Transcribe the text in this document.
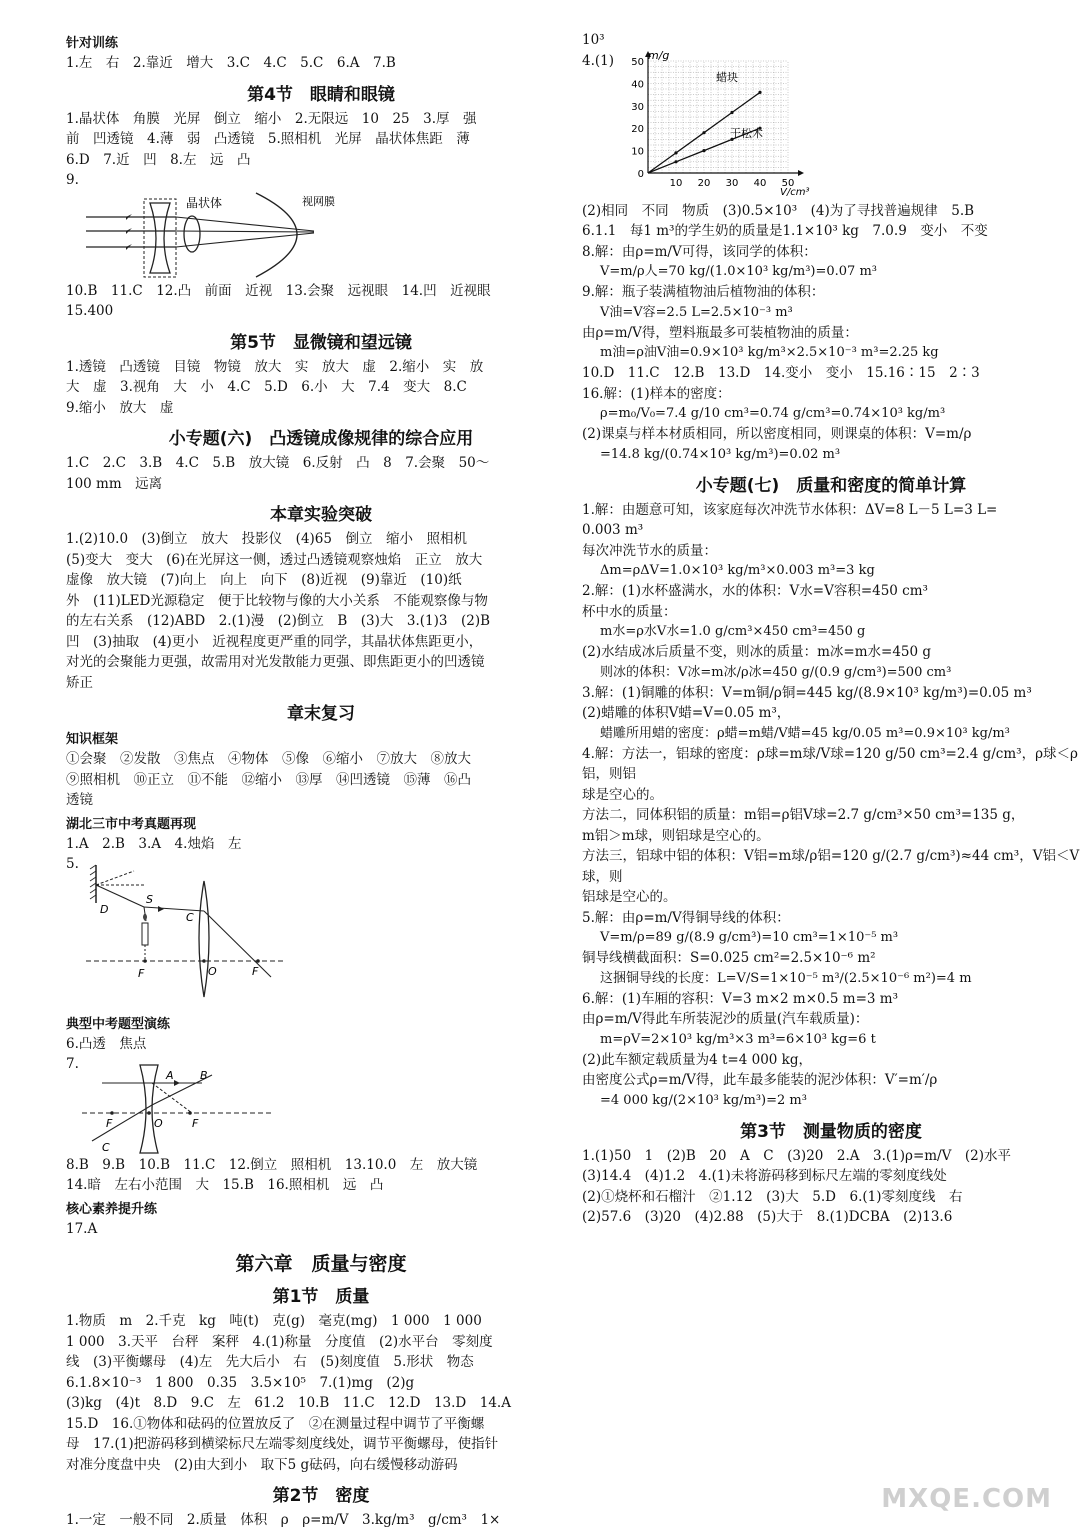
针对训练
1.左　右　2.靠近　增大　3.C　4.C　5.C　6.A　7.B
第4节　眼睛和眼镜
1.晶状体　角膜　光屏　倒立　缩小　2.无限远　10　25　3.厚　强
前　凹透镜　4.薄　弱　凸透镜　5.照相机　光屏　晶状体焦距　薄
6.D　7.近　凹　8.左　远　凸
9.
晶状体	视网膜
10.B　11.C　12.凸　前面　近视　13.会聚　远视眼　14.凹　近视眼
15.400
第5节　显微镜和望远镜
1.透镜　凸透镜　目镜　物镜　放大　实　放大　虚　2.缩小　实　放
大　虚　3.视角　大　小　4.C　5.D　6.小　大　7.4　变大　8.C
9.缩小　放大　虚
小专题(六)　凸透镜成像规律的综合应用
1.C　2.C　3.B　4.C　5.B　放大镜　6.反射　凸　8　7.会聚　50～
100 mm　远离
本章实验突破
1.(2)10.0　(3)倒立　放大　投影仪　(4)65　倒立　缩小　照相机
(5)变大　变大　(6)在光屏这一侧，透过凸透镜观察烛焰　正立　放大
虚像　放大镜　(7)向上　向上　向下　(8)近视　(9)靠近　(10)纸
外　(11)LED光源稳定　便于比较物与像的大小关系　不能观察像与物
的左右关系　(12)ABD　2.(1)漫　(2)倒立　B　(3)大　3.(1)3　(2)B
凹　(3)抽取　(4)更小　近视程度更严重的同学，其晶状体焦距更小，
对光的会聚能力更强，故需用对光发散能力更强、即焦距更小的凹透镜
矫正
章末复习
知识框架
①会聚　②发散　③焦点　④物体　⑤像　⑥缩小　⑦放大　⑧放大
⑨照相机　⑩正立　⑪不能　⑫缩小　⑬厚　⑭凹透镜　⑮薄　⑯凸
透镜
湖北三市中考真题再现
1.A　2.B　3.A　4.烛焰　左
5.
D
S
C
F	O	F
典型中考题型演练
6.凸透　焦点
7.
A B
F	O	F
C
8.B　9.B　10.B　11.C　12.倒立　照相机　13.10.0　左　放大镜
14.暗　左右小范围　大　15.B　16.照相机　远　凸
核心素养提升练
17.A
第六章　质量与密度
第1节　质量
1.物质　m　2.千克　kg　吨(t)　克(g)　毫克(mg)　1 000　1 000
1 000　3.天平　台秤　案秤　4.(1)称量　分度值　(2)水平台　零刻度
线　(3)平衡螺母　(4)左　先大后小　右　(5)刻度值　5.形状　物态
6.1.8×10⁻³　1 800　0.35　3.5×10⁵　7.(1)mg　(2)g
(3)kg　(4)t　8.D　9.C　左　61.2　10.B　11.C　12.D　13.D　14.A
15.D　16.①物体和砝码的位置放反了　②在测量过程中调节了平衡螺
母　17.(1)把游码移到横梁标尺左端零刻度线处，调节平衡螺母，使指针
对准分度盘中央　(2)由大到小　取下5 g砝码，向右缓慢移动游码
第2节　密度
1.一定　一般不同　2.质量　体积　ρ　ρ=m/V　3.kg/m³　g/cm³　1×
10³
4.(1)
10 20 30 40 50
0
10
20
30
40
50
m/g
V/cm³
蜡块
干松木
(2)相同　不同　物质　(3)0.5×10³　(4)为了寻找普遍规律　5.B
6.1.1　每1 m³的学生奶的质量是1.1×10³ kg　7.0.9　变小　不变
8.解：由ρ=m/V可得，该同学的体积：
V=m/ρ人=70 kg/(1.0×10³ kg/m³)=0.07 m³
9.解：瓶子装满植物油后植物油的体积：
V油=V容=2.5 L=2.5×10⁻³ m³
由ρ=m/V得，塑料瓶最多可装植物油的质量：
m油=ρ油V油=0.9×10³ kg/m³×2.5×10⁻³ m³=2.25 kg
10.D　11.C　12.B　13.D　14.变小　变小　15.16∶15　2∶3
16.解：(1)样本的密度：
ρ=m₀/V₀=7.4 g/10 cm³=0.74 g/cm³=0.74×10³ kg/m³
(2)课桌与样本材质相同，所以密度相同，则课桌的体积：V=m/ρ
=14.8 kg/(0.74×10³ kg/m³)=0.02 m³
小专题(七)　质量和密度的简单计算
1.解：由题意可知，该家庭每次冲洗节水体积：ΔV=8 L－5 L=3 L=
0.003 m³
每次冲洗节水的质量：
Δm=ρΔV=1.0×10³ kg/m³×0.003 m³=3 kg
2.解：(1)水杯盛满水，水的体积：V水=V容积=450 cm³
杯中水的质量：
m水=ρ水V水=1.0 g/cm³×450 cm³=450 g
(2)水结成冰后质量不变，则冰的质量：m冰=m水=450 g
则冰的体积：V冰=m冰/ρ冰=450 g/(0.9 g/cm³)=500 cm³
3.解：(1)铜雕的体积：V=m铜/ρ铜=445 kg/(8.9×10³ kg/m³)=0.05 m³
(2)蜡雕的体积V蜡=V=0.05 m³，
蜡雕所用蜡的密度：ρ蜡=m蜡/V蜡=45 kg/0.05 m³=0.9×10³ kg/m³
4.解：方法一，铝球的密度：ρ球=m球/V球=120 g/50 cm³=2.4 g/cm³，ρ球＜ρ铝，则铝
球是空心的。
方法二，同体积铝的质量：m铝=ρ铝V球=2.7 g/cm³×50 cm³=135 g，
m铝＞m球，则铝球是空心的。
方法三，铝球中铝的体积：V铝=m球/ρ铝=120 g/(2.7 g/cm³)≈44 cm³，V铝＜V球，则
铝球是空心的。
5.解：由ρ=m/V得铜导线的体积：
V=m/ρ=89 g/(8.9 g/cm³)=10 cm³=1×10⁻⁵ m³
铜导线横截面积：S=0.025 cm²=2.5×10⁻⁶ m²
这捆铜导线的长度：L=V/S=1×10⁻⁵ m³/(2.5×10⁻⁶ m²)=4 m
6.解：(1)车厢的容积：V=3 m×2 m×0.5 m=3 m³
由ρ=m/V得此车所装泥沙的质量(汽车载质量)：
m=ρV=2×10³ kg/m³×3 m³=6×10³ kg=6 t
(2)此车额定载质量为4 t=4 000 kg，
由密度公式ρ=m/V得，此车最多能装的泥沙体积：V′=m′/ρ
=4 000 kg/(2×10³ kg/m³)=2 m³
第3节　测量物质的密度
1.(1)50　1　(2)B　20　A　C　(3)20　2.A　3.(1)ρ=m/V　(2)水平
(3)14.4　(4)1.2　4.(1)未将游码移到标尺左端的零刻度线处
(2)①烧杯和石榴汁　②1.12　(3)大　5.D　6.(1)零刻度线　右
(2)57.6　(3)20　(4)2.88　(5)大于　8.(1)DCBA　(2)13.6
MXQE.COM
